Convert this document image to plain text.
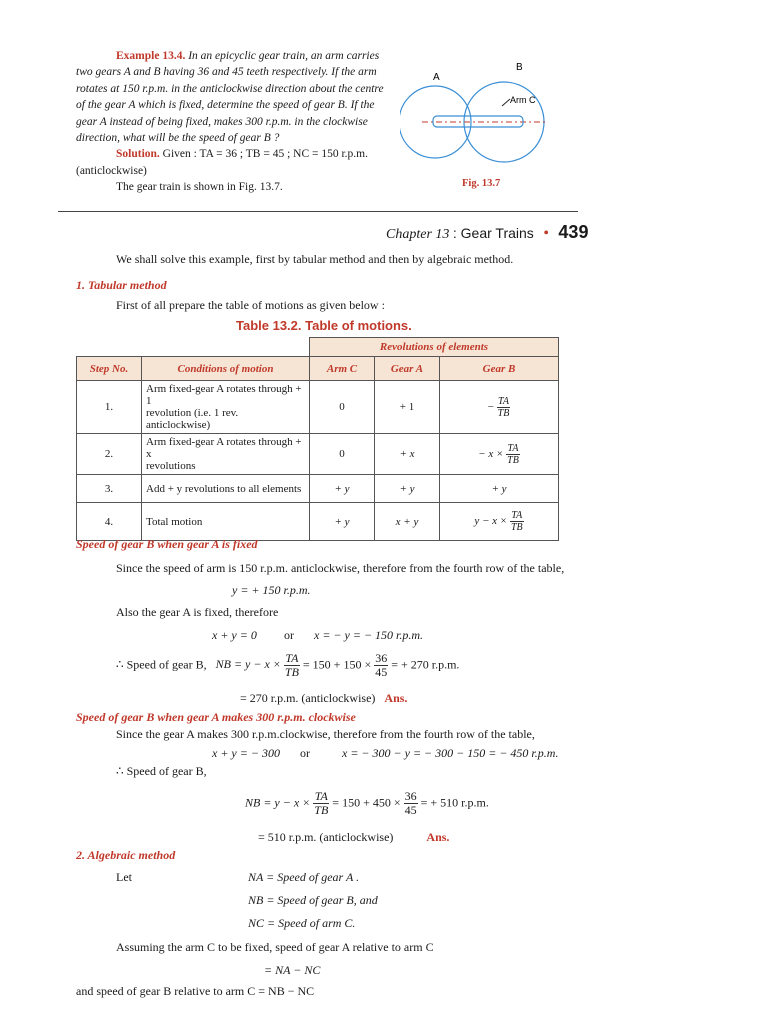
Example 13.4. In an epicyclic gear train, an arm carries

two gears A and B having 36 and 45 teeth respectively. If the arm

rotates at 150 r.p.m. in the anticlockwise direction about the centre

of the gear A which is fixed, determine the speed of gear B. If the

gear A instead of being fixed, makes 300 r.p.m. in the clockwise

direction, what will be the speed of gear B ?

Solution. Given : TA = 36 ; TB = 45 ; NC = 150 r.p.m.

(anticlockwise)

The gear train is shown in Fig. 13.7.

A
B
Arm C
Fig. 13.7
Chapter 13 : Gear Trains • 439
We shall solve this example, first by tabular method and then by algebraic method.
1. Tabular method
First of all prepare the table of motions as given below :
Table 13.2. Table of motions.
		Revolutions of elements		
Step No.	Conditions of motion	Arm C	Gear A	Gear B
1.	Arm fixed-gear A rotates through + 1
revolution (i.e. 1 rev. anticlockwise)	0	+ 1	− $\frac{TA}{TB}$

2.	Arm fixed-gear A rotates through + x
revolutions	0	+ x	− $x \times \frac{TA}{TB}$

3.	Add + y revolutions to all elements	+ y	+ y	+ y
4.	Total motion	+ y	x + y	$y - x \times \frac{TA}{TB}$
Speed of gear B when gear A is fixed
Since the speed of arm is 150 r.p.m. anticlockwise, therefore from the fourth row of the table,
y = + 150 r.p.m.
Also the gear A is fixed, therefore
x + y = 0 or x = − y = − 150 r.p.m.
∴ Speed of gear B, NB = $y - x \times \frac{TA}{TB} = 150 + 150 \times \frac{36}{45}$ = + 270 r.p.m.
= 270 r.p.m. (anticlockwise) Ans.
Speed of gear B when gear A makes 300 r.p.m. clockwise
Since the gear A makes 300 r.p.m.clockwise, therefore from the fourth row of the table,
x + y = − 300 or	x = − 300 − y = − 300 − 150 = − 450 r.p.m.
∴ Speed of gear B,
NB = $y - x \times \frac{TA}{TB} = 150 + 450 \times \frac{36}{45}$ = + 510 r.p.m.
= 510 r.p.m. (anticlockwise)	Ans.
2. Algebraic method
Let	NA = Speed of gear A .
NB = Speed of gear B, and
NC = Speed of arm C.
Assuming the arm C to be fixed, speed of gear A relative to arm C
= NA − NC
and speed of gear B relative to arm C = NB − NC
